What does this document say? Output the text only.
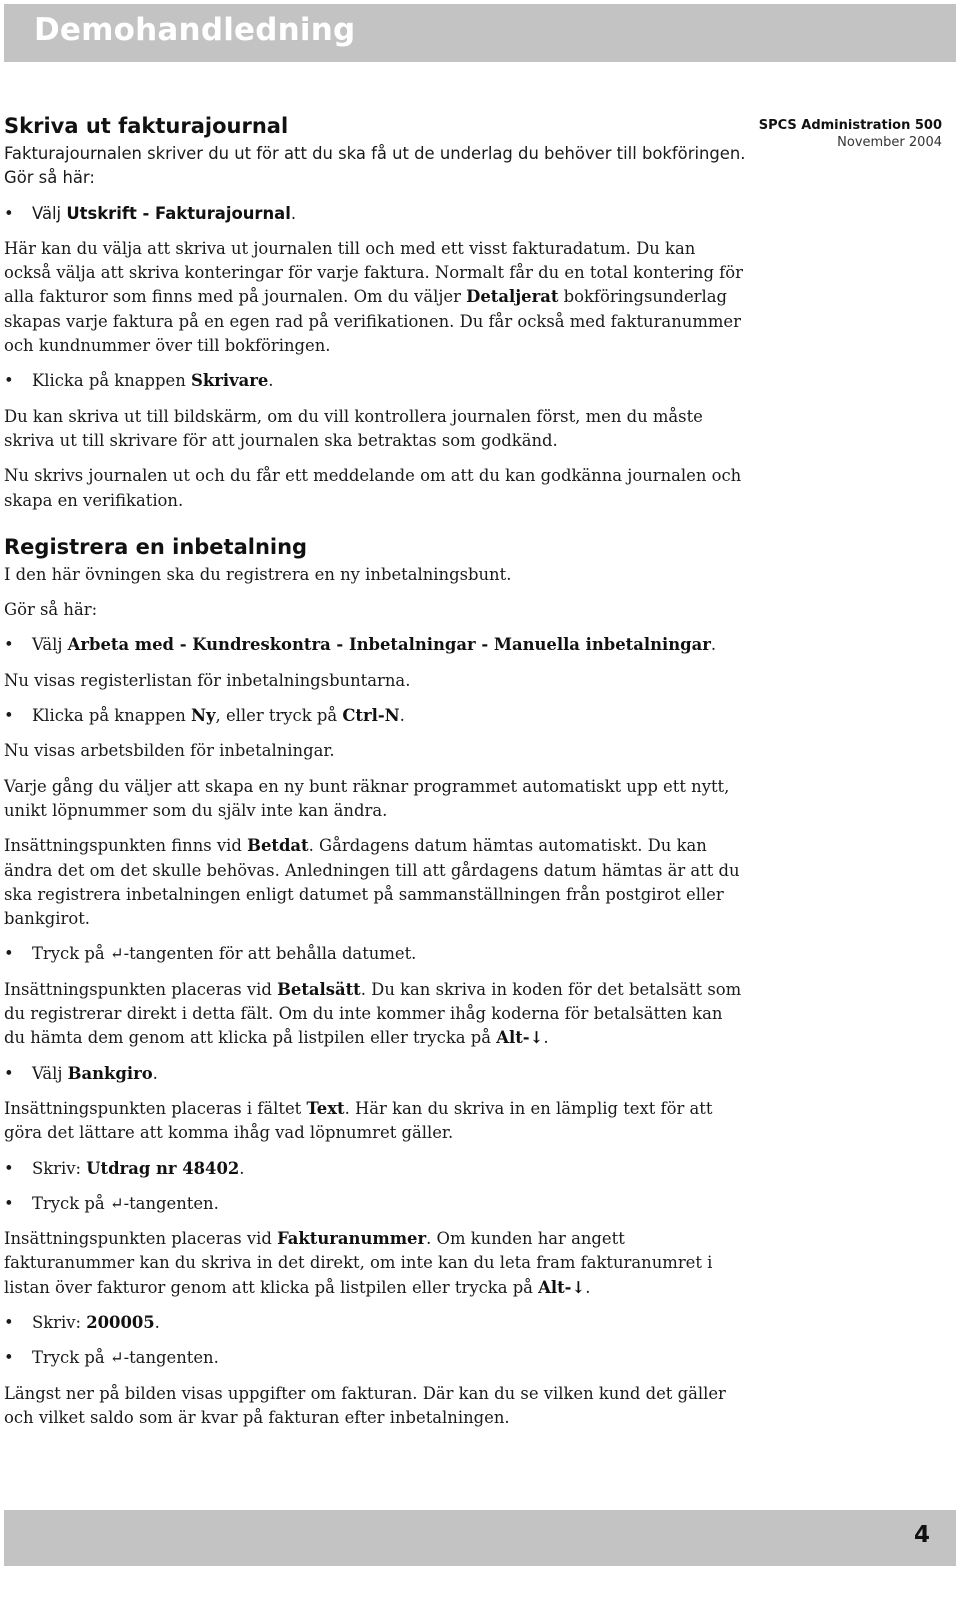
Demohandledning
SPCS Administration 500
November 2004
Skriva ut fakturajournal

Fakturajournalen skriver du ut för att du ska få ut de underlag du behöver till bokföringen. Gör så här:

• Välj Utskrift - Fakturajournal.

Här kan du välja att skriva ut journalen till och med ett visst fakturadatum. Du kan också välja att skriva konteringar för varje faktura. Normalt får du en total kontering för alla fakturor som finns med på journalen. Om du väljer Detaljerat bokföringsunderlag skapas varje faktura på en egen rad på verifikationen. Du får också med fakturanummer och kundnummer över till bokföringen.

• Klicka på knappen Skrivare.

Du kan skriva ut till bildskärm, om du vill kontrollera journalen först, men du måste skriva ut till skrivare för att journalen ska betraktas som godkänd.

Nu skrivs journalen ut och du får ett meddelande om att du kan godkänna journalen och skapa en verifikation.

Registrera en inbetalning

I den här övningen ska du registrera en ny inbetalningsbunt.

Gör så här:

• Välj Arbeta med - Kundreskontra - Inbetalningar - Manuella inbetalningar.

Nu visas registerlistan för inbetalningsbuntarna.

• Klicka på knappen Ny, eller tryck på Ctrl-N.

Nu visas arbetsbilden för inbetalningar.

Varje gång du väljer att skapa en ny bunt räknar programmet automatiskt upp ett nytt, unikt löpnummer som du själv inte kan ändra.

Insättningspunkten finns vid Betdat. Gårdagens datum hämtas automatiskt. Du kan ändra det om det skulle behövas. Anledningen till att gårdagens datum hämtas är att du ska registrera inbetalningen enligt datumet på sammanställningen från postgirot eller bankgirot.

• Tryck på ↵-tangenten för att behålla datumet.

Insättningspunkten placeras vid Betalsätt. Du kan skriva in koden för det betalsätt som du registrerar direkt i detta fält. Om du inte kommer ihåg koderna för betalsätten kan du hämta dem genom att klicka på listpilen eller trycka på Alt-↓.

• Välj Bankgiro.

Insättningspunkten placeras i fältet Text. Här kan du skriva in en lämplig text för att göra det lättare att komma ihåg vad löpnumret gäller.

• Skriv: Utdrag nr 48402.
• Tryck på ↵-tangenten.

Insättningspunkten placeras vid Fakturanummer. Om kunden har angett fakturanummer kan du skriva in det direkt, om inte kan du leta fram fakturanumret i listan över fakturor genom att klicka på listpilen eller trycka på Alt-↓.

• Skriv: 200005.
• Tryck på ↵-tangenten.

Längst ner på bilden visas uppgifter om fakturan. Där kan du se vilken kund det gäller och vilket saldo som är kvar på fakturan efter inbetalningen.

4
